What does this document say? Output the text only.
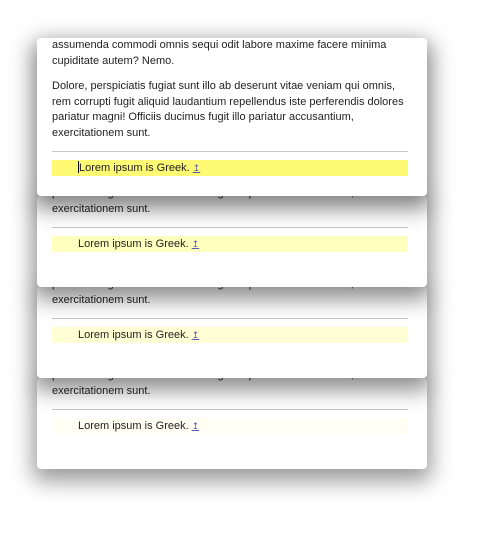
exercitationem sunt.

1. Lorem ipsum is Greek. ↥

exercitationem sunt.

1. Lorem ipsum is Greek. ↥

exercitationem sunt.

1. Lorem ipsum is Greek. ↥

assumenda commodi omnis sequi odit labore maxime facere minima cupiditate autem? Nemo.

Dolore, perspiciatis fugiat sunt illo ab deserunt vitae veniam qui omnis, rem corrupti fugit aliquid laudantium repellendus iste perferendis dolores pariatur magni! Officiis ducimus fugit illo pariatur accusantium, exercitationem sunt.

1. Lorem ipsum is Greek. ↥
